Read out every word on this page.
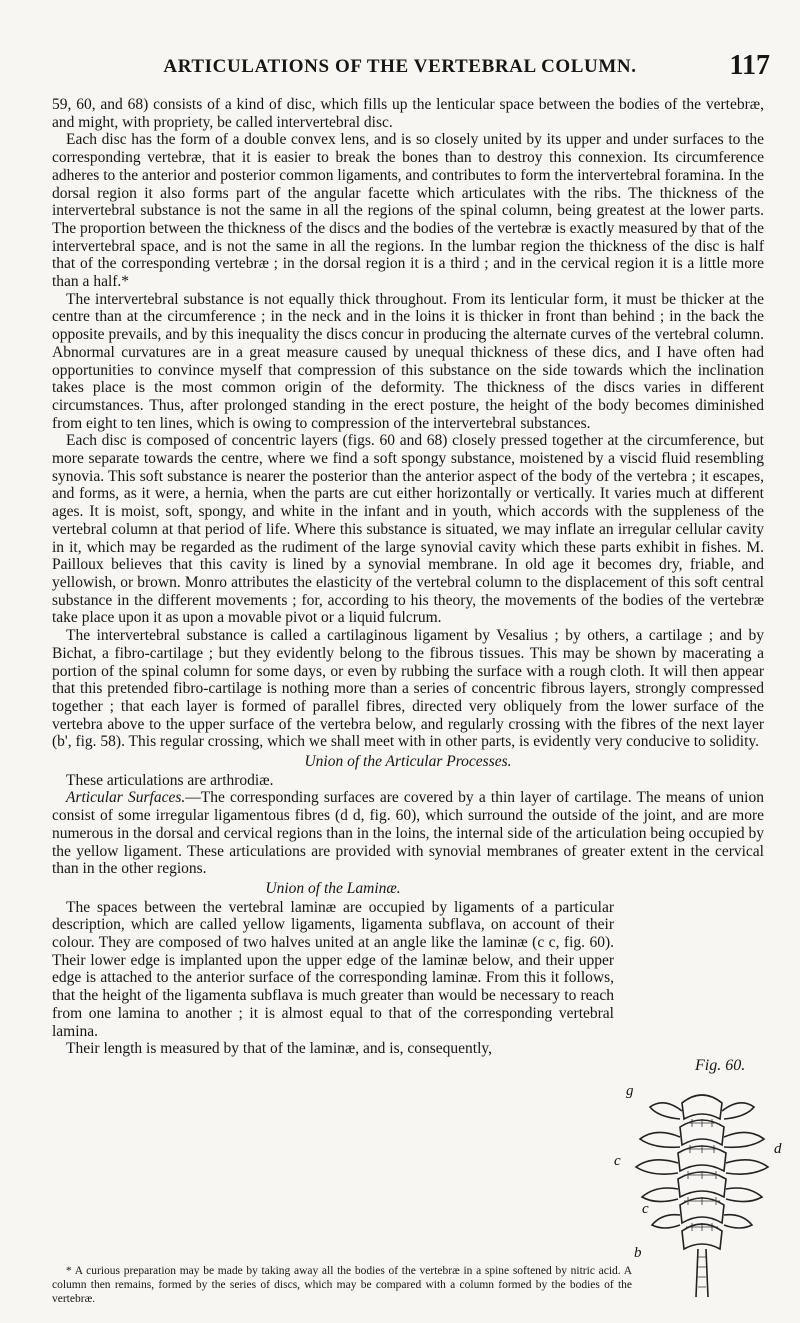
ARTICULATIONS OF THE VERTEBRAL COLUMN.	117

59, 60, and 68) consists of a kind of disc, which fills up the lenticular space between the bodies of the vertebræ, and might, with propriety, be called intervertebral disc.

Each disc has the form of a double convex lens, and is so closely united by its upper and under surfaces to the corresponding vertebræ, that it is easier to break the bones than to destroy this connexion. Its circumference adheres to the anterior and posterior common ligaments, and contributes to form the intervertebral foramina. In the dorsal region it also forms part of the angular facette which articulates with the ribs. The thickness of the intervertebral substance is not the same in all the regions of the spinal column, being greatest at the lower parts. The proportion between the thickness of the discs and the bodies of the vertebræ is exactly measured by that of the intervertebral space, and is not the same in all the regions. In the lumbar region the thickness of the disc is half that of the corresponding vertebræ ; in the dorsal region it is a third ; and in the cervical region it is a little more than a half.*

The intervertebral substance is not equally thick throughout. From its lenticular form, it must be thicker at the centre than at the circumference ; in the neck and in the loins it is thicker in front than behind ; in the back the opposite prevails, and by this inequality the discs concur in producing the alternate curves of the vertebral column. Abnormal curvatures are in a great measure caused by unequal thickness of these dics, and I have often had opportunities to convince myself that compression of this substance on the side towards which the inclination takes place is the most common origin of the deformity. The thickness of the discs varies in different circumstances. Thus, after prolonged standing in the erect posture, the height of the body becomes diminished from eight to ten lines, which is owing to compression of the intervertebral substances.

Each disc is composed of concentric layers (figs. 60 and 68) closely pressed together at the circumference, but more separate towards the centre, where we find a soft spongy substance, moistened by a viscid fluid resembling synovia. This soft substance is nearer the posterior than the anterior aspect of the body of the vertebra ; it escapes, and forms, as it were, a hernia, when the parts are cut either horizontally or vertically. It varies much at different ages. It is moist, soft, spongy, and white in the infant and in youth, which accords with the suppleness of the vertebral column at that period of life. Where this substance is situated, we may inflate an irregular cellular cavity in it, which may be regarded as the rudiment of the large synovial cavity which these parts exhibit in fishes. M. Pailloux believes that this cavity is lined by a synovial membrane. In old age it becomes dry, friable, and yellowish, or brown. Monro attributes the elasticity of the vertebral column to the displacement of this soft central substance in the different movements ; for, according to his theory, the movements of the bodies of the vertebræ take place upon it as upon a movable pivot or a liquid fulcrum.

The intervertebral substance is called a cartilaginous ligament by Vesalius ; by others, a cartilage ; and by Bichat, a fibro-cartilage ; but they evidently belong to the fibrous tissues. This may be shown by macerating a portion of the spinal column for some days, or even by rubbing the surface with a rough cloth. It will then appear that this pretended fibro-cartilage is nothing more than a series of concentric fibrous layers, strongly compressed together ; that each layer is formed of parallel fibres, directed very obliquely from the lower surface of the vertebra above to the upper surface of the vertebra below, and regularly crossing with the fibres of the next layer (b', fig. 58). This regular crossing, which we shall meet with in other parts, is evidently very conducive to solidity.

Union of the Articular Processes.

These articulations are arthrodiæ.

Articular Surfaces.—The corresponding surfaces are covered by a thin layer of cartilage. The means of union consist of some irregular ligamentous fibres (d d, fig. 60), which surround the outside of the joint, and are more numerous in the dorsal and cervical regions than in the loins, the internal side of the articulation being occupied by the yellow ligament. These articulations are provided with synovial membranes of greater extent in the cervical than in the other regions.

Union of the Laminæ.

The spaces between the vertebral laminæ are occupied by ligaments of a particular description, which are called yellow ligaments, ligamenta subflava, on account of their colour. They are composed of two halves united at an angle like the laminæ (c c, fig. 60). Their lower edge is implanted upon the upper edge of the laminæ below, and their upper edge is attached to the anterior surface of the corresponding laminæ. From this it follows, that the height of the ligamenta subflava is much greater than would be necessary to reach from one lamina to another ; it is almost equal to that of the corresponding vertebral lamina.

Their length is measured by that of the laminæ, and is, consequently,

Fig. 60.
g
c
d
c
b

* A curious preparation may be made by taking away all the bodies of the vertebræ in a spine softened by nitric acid. A column then remains, formed by the series of discs, which may be compared with a column formed by the bodies of the vertebræ.
